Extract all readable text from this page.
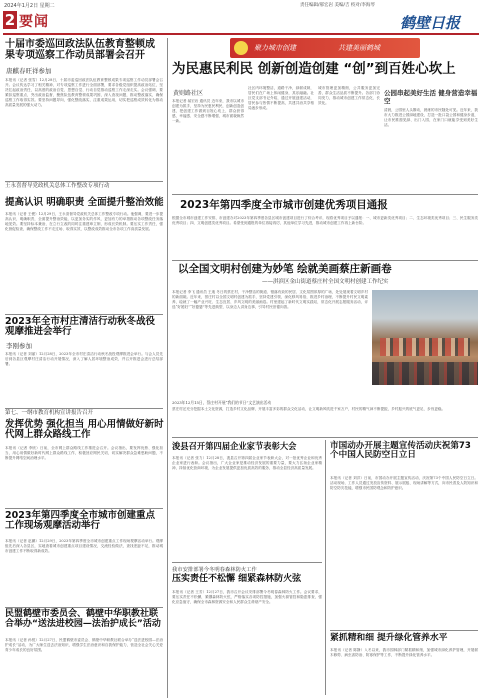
2024年1月2日 星期二	责任编辑/郝宏岩 美编/吉 校对/李海琴
2 要闻	鹤壁日报
十届市委巡回政法队伍教育整顿成果专项巡察工作动员部署会召开
唐麒春旺祥参加
本报讯（记者 张雪）12月28日，十届市委巡回政法队伍教育整顿成果专项巡察工作动员部署会召开。会议传达学习了相关精神，对专项巡察工作进行全面部署，要求各级党组织提高政治站位，坚决扛起政治责任，以高度的政治自觉、思想自觉、行动自觉推动巡察工作走深走实。会议强调，要紧扣巡察重点，突出政治监督，聚焦队伍教育整顿成果巩固，深入查找问题，推动整改落实，确保巡察工作取得实效。要坚持问题导向，强化整改落实，注重成果运用，切实把巡察成效转化为推动高质量发展的强大动力。
王永喜督导党政机关总体工作整改专项行动
提高认识 明确职责 全面提升整治效能
本报讯（记者 王俊）12月29日，王永喜督导党政机关总体工作整改专项行动。他强调，要进一步提高认识，明确职责，全面提升整治效能，以更加务实的作风、更加有力的举措推动各项整改任务落地见效。要坚持标本兼治，在立行立改的同时注重建章立制，形成长效机制。要压实工作责任，强化督促检查，确保整改工作不走过场、取得实效，以整改成效推动全市各项工作高质量发展。
2023年全市村庄清洁行动秋冬战役观摩推进会举行
李刚参加
本报讯（记者 刘丽）12月28日，2023年全市村庄清洁行动秋冬战役观摩推进会举行。与会人员先后到各县区观摩村庄清洁行动开展情况，深入了解人居环境整治成效，并召开推进会进行总结部署。
第七、一纲市教育机构宣讲报告召开
发挥优势 强化担当 用心用情做好新时代网上群众路线工作
本报讯（记者 李欣）日前，全市网上群众路线工作推进会召开。会议指出，要发挥优势、强化担当，用心用情做好新时代网上群众路线工作，积极回应网民关切，切实解决群众急难愁盼问题，不断提升网络空间治理水平。
2023年第四季度全市城市创建重点工作现场观摩活动举行
本报讯（记者 赵鹏）12月29日，2023年第四季度全市城市创建重点工作现场观摩活动举行。观摩组先后深入各县区，实地查看城市创建重点项目建设情况，交流经验做法，查找差距不足，推动城市创建工作不断取得新成效。
民盟鹤壁市委员会、鹤壁中华职教社联合举办“送法进校园—法治护成长”活动
本报讯（记者 孙悦）12月27日，民盟鹤壁市委员会、鹤壁中华职教社联合举办“送法进校园—法治护成长”活动，为广大师生送去法治知识，增强学生法治意识和自我保护能力，营造全社会关心关爱青少年成长的良好氛围。
聚力城市创建	共建美丽鹤城
为民惠民利民 创新创造创建 “创”到百姓心坎上
黄则路社区
本报记者 郝宏岩 通讯员 近年来，我市以城市创建为抓手，坚持为民惠民利民，创新创造创建，把创建工作做到百姓心坎上，群众获得感、幸福感、安全感不断增强，城市面貌焕然一新。
社区内环境整洁，道路干净，绿树成荫，居民们在广场上休闲健身，其乐融融。社区党支部书记介绍，通过开展创建活动，居民参与热情不断提高，共建共治共享格局逐步形成。
城市管理更加精细，公共服务更加完善，群众生活品质不断提升。各部门协同发力，推动城市创建工作常态化、长效化。
公园串起美好生活 健身营造幸福空
清晨，公园里人头攒动，晨练的市民随处可见。近年来，我市大力推进公园绿地建设，打造一批口袋公园和健身步道，让市民推窗见绿、出门入园，在家门口就能享受到美好生活。
2023年第四季度全市城市创建优秀项目通报
根据全市城市创建工作安排，市创建办对2023年第四季度各县区城市创建项目进行了综合考评，现将优秀项目予以通报：一、城市更新类优秀项目；二、生态环境类优秀项目；三、民生服务类优秀项目；四、文明创建类优秀项目。希望受到通报的单位再接再厉，其他单位学习先进，推动城市创建工作再上新台阶。
以全国文明村创建为妙笔 绘就美画蔡庄新画卷
——淇滨区金山街道蔡庄村全国文明村创建工作纪实
本报记者 李飞 通讯员 王迪 冬日的蔡庄村，干净整洁的街道、错落有致的民居、文化氛围浓厚的广场，处处展现着文明乡村的新面貌。近年来，蔡庄村以全国文明村创建为抓手，坚持党建引领，深化移风易俗，推进乡村治理，不断提升村民文明素养，绘就了一幅产业兴旺、生态宜居、乡风文明的美丽画卷。村里建起了新时代文明实践站，常态化开展志愿服务活动，评选“好媳妇”“好婆婆”等先进典型，以身边人讲身边事，引导村民崇德向善。
2023年12月15日，蔡庄村开展“我们的节日”文艺演出活动
蔡庄村还充分挖掘本土文化资源，打造乡村文化品牌，开展丰富多彩的群众文化活动，让文明新风吹进千家万户，村民的精气神不断提振，乡村振兴的底气更足、步伐更稳。
浚县召开第四届企业家节表彰大会
本报讯（记者 张力）12月28日，浚县召开第四届企业家节表彰大会，对一批优秀企业和优秀企业家进行表彰。会议指出，广大企业家是推动经济发展的重要力量，要大力弘扬企业家精神，持续优化营商环境，为企业发展提供更加优质高效的服务，推动全县经济高质量发展。
我市安排部署今冬明春森林防火工作
压实责任不松懈 细紧森林防火弦
本报讯（记者 王芳）12月27日，我市召开会议安排部署今冬明春森林防火工作。会议要求，要压实责任不松懈，紧绷森林防火弦，严格落实各项防控措施，加强火源管控和隐患排查，强化应急值守，确保全市森林资源安全和人民群众生命财产安全。
市国动办开展主题宣传活动庆祝第73个中国人民防空日立日
本报讯（记者 刘洋）日前，市国动办开展主题宣传活动，庆祝第73个中国人民防空日立日。活动现场，工作人员通过发放宣传资料、展示展板、现场讲解等方式，向市民普及人防知识和防空防灾技能，增强市民国防观念和防护意识。
紧抓精和细 提升绿化管养水平
本报讯（记者 陈静）入冬以来，我市园林部门紧抓精和细，加强城市绿化养护管理，开展树木修剪、病虫害防治、防寒保护等工作，不断提升绿化管养水平。
